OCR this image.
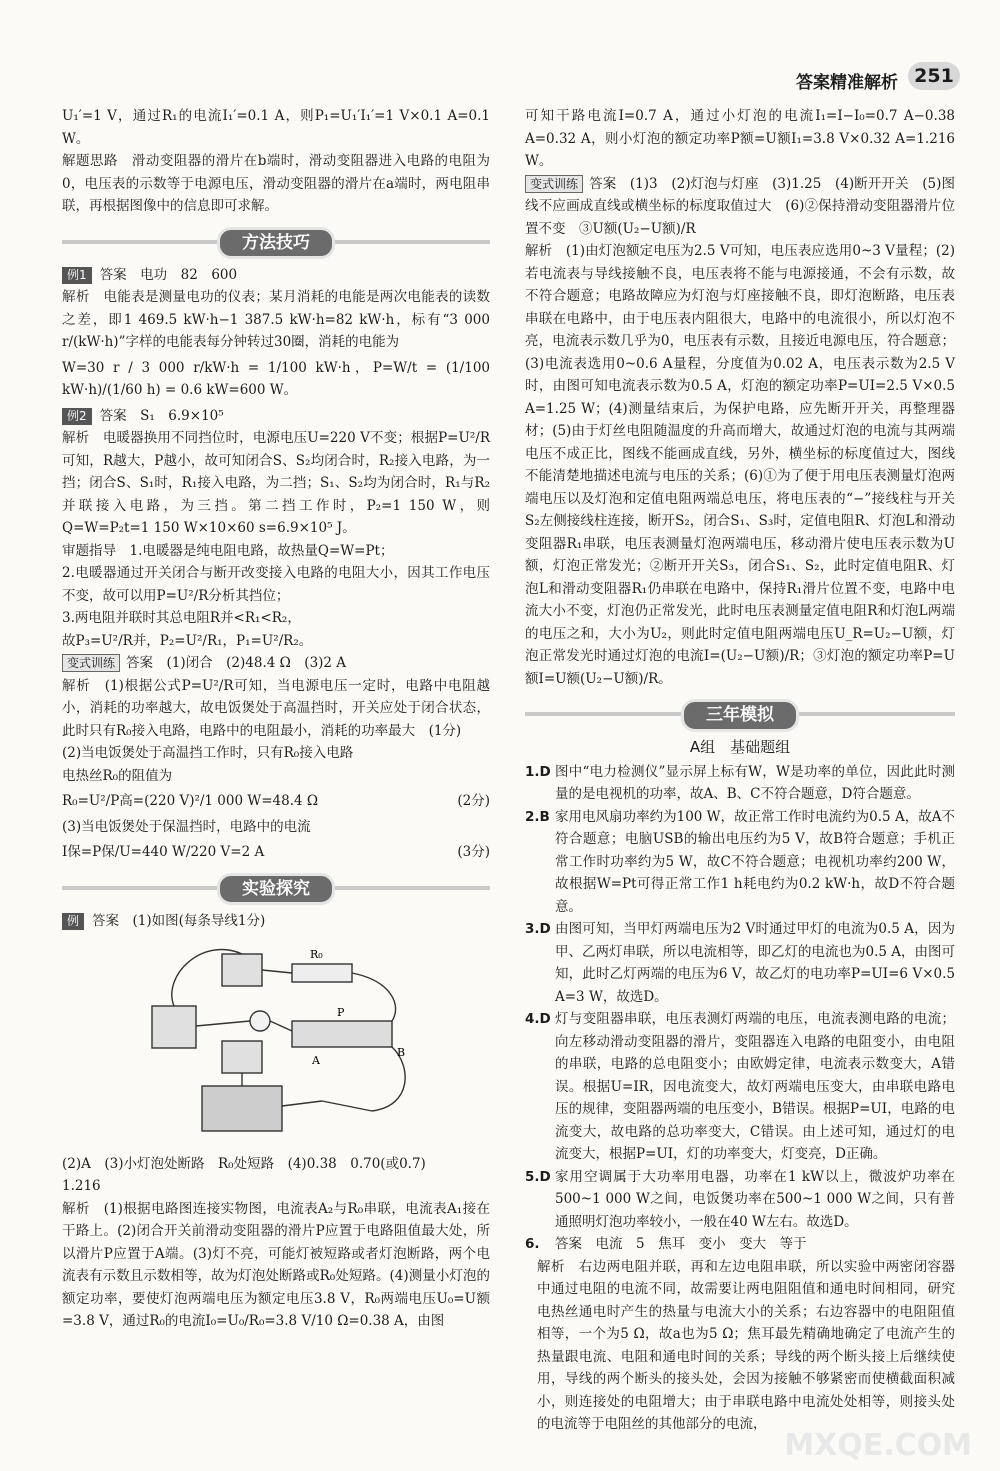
答案精准解析 251

U₁′=1 V，通过R₁的电流I₁′=0.1 A，则P₁=U₁′I₁′=1 V×0.1 A=0.1 W。

解题思路　滑动变阻器的滑片在b端时，滑动变阻器进入电路的电阻为0，电压表的示数等于电源电压，滑动变阻器的滑片在a端时，两电阻串联，再根据图像中的信息即可求解。

方法技巧

例1 答案　电功　82　600

解析　电能表是测量电功的仪表；某月消耗的电能是两次电能表的读数之差，即1 469.5 kW·h−1 387.5 kW·h=82 kW·h，标有“3 000 r/(kW·h)”字样的电能表每分钟转过30圈，消耗的电能为

W=30 r / 3 000 r/kW·h = 1/100 kW·h，P=W/t = (1/100 kW·h)/(1/60 h) = 0.6 kW=600 W。

例2 答案　S₁　6.9×10⁵

解析　电暖器换用不同挡位时，电源电压U=220 V不变；根据P=U²/R可知，R越大，P越小，故可知闭合S、S₂均闭合时，R₂接入电路，为一挡；闭合S、S₁时，R₁接入电路，为二挡；S₁、S₂均为闭合时，R₁与R₂并联接入电路，为三挡。第二挡工作时，P₂=1 150 W，则Q=W=P₂t=1 150 W×10×60 s=6.9×10⁵ J。

审题指导　1.电暖器是纯电阻电路，故热量Q=W=Pt；

2.电暖器通过开关闭合与断开改变接入电路的电阻大小，因其工作电压不变，故可以用P=U²/R分析其挡位；

3.两电阻并联时其总电阻R并<R₁<R₂，

故P₃=U²/R并，P₂=U²/R₁，P₁=U²/R₂。

变式训练 答案　(1)闭合　(2)48.4 Ω　(3)2 A

解析　(1)根据公式P=U²/R可知，当电源电压一定时，电路中电阻越小，消耗的功率越大，故电饭煲处于高温挡时，开关应处于闭合状态，此时只有R₀接入电路，电路中的电阻最小，消耗的功率最大　 (1分)

(2)当电饭煲处于高温挡工作时，只有R₀接入电路

电热丝R₀的阻值为

R₀=U²/P高=(220 V)²/1 000 W=48.4 Ω	(2分)

(3)当电饭煲处于保温挡时，电路中的电流

I保=P保/U=440 W/220 V=2 A	(3分)
实验探究

例 答案　(1)如图(每条导线1分)

R₀
P
A
B

(2)A　(3)小灯泡处断路　R₀处短路　(4)0.38　0.70(或0.7)

1.216

解析　(1)根据电路图连接实物图，电流表A₂与R₀串联，电流表A₁接在干路上。(2)闭合开关前滑动变阻器的滑片P应置于电路阻值最大处，所以滑片P应置于A端。(3)灯不亮，可能灯被短路或者灯泡断路，两个电流表有示数且示数相等，故为灯泡处断路或R₀处短路。(4)测量小灯泡的额定功率，要使灯泡两端电压为额定电压3.8 V，R₀两端电压U₀=U额=3.8 V，通过R₀的电流I₀=U₀/R₀=3.8 V/10 Ω=0.38 A，由图

可知干路电流I=0.7 A，通过小灯泡的电流I₁=I−I₀=0.7 A−0.38 A=0.32 A，则小灯泡的额定功率P额=U额I₁=3.8 V×0.32 A=1.216 W。

变式训练 答案　(1)3　(2)灯泡与灯座　(3)1.25　(4)断开开关　(5)图线不应画成直线或横坐标的标度取值过大　(6)②保持滑动变阻器滑片位置不变　③U额(U₂−U额)/R

解析　(1)由灯泡额定电压为2.5 V可知，电压表应选用0~3 V量程；(2)若电流表与导线接触不良，电压表将不能与电源接通，不会有示数，故不符合题意；电路故障应为灯泡与灯座接触不良，即灯泡断路，电压表串联在电路中，由于电压表内阻很大，电路中的电流很小，所以灯泡不亮，电流表示数几乎为0，电压表有示数，且接近电源电压，符合题意；(3)电流表选用0~0.6 A量程，分度值为0.02 A，电压表示数为2.5 V时，由图可知电流表示数为0.5 A，灯泡的额定功率P=UI=2.5 V×0.5 A=1.25 W；(4)测量结束后，为保护电路，应先断开开关，再整理器材；(5)由于灯丝电阻随温度的升高而增大，故通过灯泡的电流与其两端电压不成正比，图线不能画成直线，另外，横坐标的标度值过大，图线不能清楚地描述电流与电压的关系；(6)①为了便于用电压表测量灯泡两端电压以及灯泡和定值电阻两端总电压，将电压表的“−”接线柱与开关S₂左侧接线柱连接，断开S₂，闭合S₁、S₃时，定值电阻R、灯泡L和滑动变阻器R₁串联，电压表测量灯泡两端电压，移动滑片使电压表示数为U额，灯泡正常发光；②断开开关S₃，闭合S₁、S₂，此时定值电阻R、灯泡L和滑动变阻器R₁仍串联在电路中，保持R₁滑片位置不变，电路中电流大小不变，灯泡仍正常发光，此时电压表测量定值电阻R和灯泡L两端的电压之和，大小为U₂，则此时定值电阻两端电压U_R=U₂−U额，灯泡正常发光时通过灯泡的电流I=(U₂−U额)/R；③灯泡的额定功率P=U额I=U额(U₂−U额)/R。

三年模拟
A组　基础题组
1.D 图中“电力检测仪”显示屏上标有W，W是功率的单位，因此此时测量的是电视机的功率，故A、B、C不符合题意，D符合题意。
2.B 家用电风扇功率约为100 W，故正常工作时电流约为0.5 A，故A不符合题意；电脑USB的输出电压约为5 V，故B符合题意；手机正常工作时功率约为5 W，故C不符合题意；电视机功率约200 W，故根据W=Pt可得正常工作1 h耗电约为0.2 kW·h，故D不符合题意。
3.D 由图可知，当甲灯两端电压为2 V时通过甲灯的电流为0.5 A，因为甲、乙两灯串联，所以电流相等，即乙灯的电流也为0.5 A，由图可知，此时乙灯两端的电压为6 V，故乙灯的电功率P=UI=6 V×0.5 A=3 W，故选D。
4.D 灯与变阻器串联，电压表测灯两端的电压，电流表测电路的电流；向左移动滑动变阻器的滑片，变阻器连入电路的电阻变小，由电阻的串联，电路的总电阻变小；由欧姆定律，电流表示数变大，A错误。根据U=IR，因电流变大，故灯两端电压变大，由串联电路电压的规律，变阻器两端的电压变小，B错误。根据P=UI，电路的电流变大，故电路的总功率变大，C错误。由上述可知，通过灯的电流变大，根据P=UI，灯的功率变大，灯变亮，D正确。
5.D 家用空调属于大功率用电器，功率在1 kW以上，微波炉功率在500~1 000 W之间，电饭煲功率在500~1 000 W之间，只有普通照明灯泡功率较小，一般在40 W左右。故选D。
6.	答案　电流　5　焦耳　变小　变大　等于

解析　右边两电阻并联，再和左边电阻串联，所以实验中两密闭容器中通过电阻的电流不同，故需要让两电阻阻值和通电时间相同，研究电热丝通电时产生的热量与电流大小的关系；右边容器中的电阻阻值相等，一个为5 Ω，故a也为5 Ω；焦耳最先精确地确定了电流产生的热量跟电流、电阻和通电时间的关系；导线的两个断头接上后继续使用，导线的两个断头的接头处，会因为接触不够紧密而使横截面积减小，则连接处的电阻增大；由于串联电路中电流处处相等，则接头处的电流等于电阻丝的其他部分的电流，

MXQE.COM
